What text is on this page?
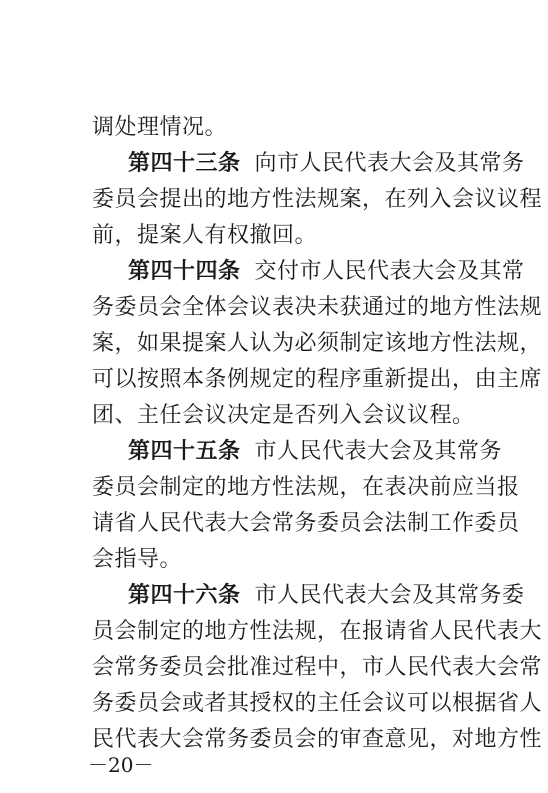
调处理情况。
第四十三条 向市人民代表大会及其常务
委员会提出的地方性法规案，在列入会议议程
前，提案人有权撤回。
第四十四条 交付市人民代表大会及其常
务委员会全体会议表决未获通过的地方性法规
案，如果提案人认为必须制定该地方性法规，
可以按照本条例规定的程序重新提出，由主席
团、主任会议决定是否列入会议议程。
第四十五条 市人民代表大会及其常务
委员会制定的地方性法规，在表决前应当报
请省人民代表大会常务委员会法制工作委员
会指导。
第四十六条 市人民代表大会及其常务委
员会制定的地方性法规，在报请省人民代表大
会常务委员会批准过程中，市人民代表大会常
务委员会或者其授权的主任会议可以根据省人
民代表大会常务委员会的审查意见，对地方性
－20－
